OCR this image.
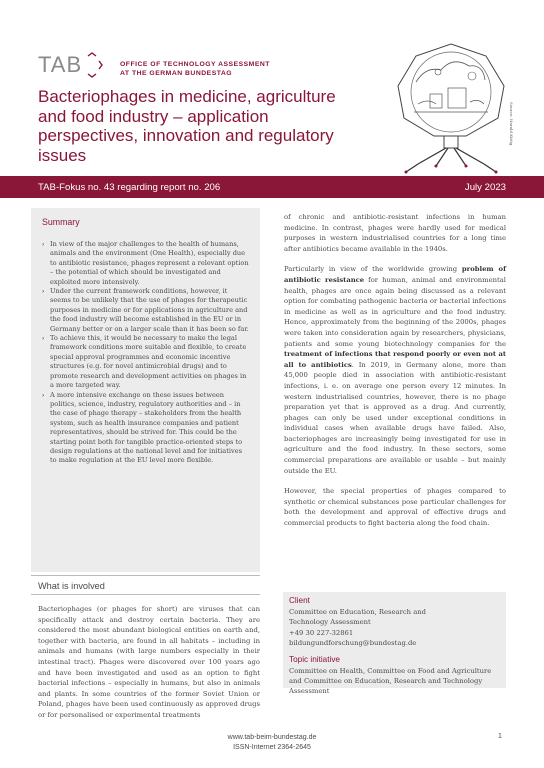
TAB	OFFICE OF TECHNOLOGY ASSESSMENT
AT THE GERMAN BUNDESTAG
Bacteriophages in medicine, agriculture and food industry – application perspectives, innovation and regulatory issues
Source: Harald Kittig
TAB-Fokus no. 43 regarding report no. 206	July 2023
Summary
› In view of the major challenges to the health of humans, animals and the environment (One Health), especially due to antibiotic resistance, phages represent a relevant option – the potential of which should be investigated and exploited more intensively.
› Under the current framework conditions, however, it seems to be unlikely that the use of phages for therapeutic purposes in medicine or for applications in agriculture and the food industry will become established in the EU or in Germany better or on a larger scale than it has been so far.
› To achieve this, it would be necessary to make the legal framework conditions more suitable and flexible, to create special approval programmes and economic incentive structures (e.g. for novel antimicrobial drugs) and to promote research and development activities on phages in a more targeted way.
› A more intensive exchange on these issues between politics, science, industry, regulatory authorities and – in the case of phage therapy – stakeholders from the health system, such as health insurance companies and patient representatives, should be strived for. This could be the starting point both for tangible practice-oriented steps to design regulations at the national level and for initiatives to make regulation at the EU level more flexible.
What is involved
Bacteriophages (or phages for short) are viruses that can specifically attack and destroy certain bacteria. They are considered the most abundant biological entities on earth and, together with bacteria, are found in all habitats – including in animals and humans (with large numbers especially in their intestinal tract). Phages were discovered over 100 years ago and have been investigated and used as an option to fight bacterial infections – especially in humans, but also in animals and plants. In some countries of the former Soviet Union or Poland, phages have been used continuously as approved drugs or for personalised or experimental treatments

of chronic and antibiotic-resistant infections in human medicine. In contrast, phages were hardly used for medical purposes in western industrialised countries for a long time after antibiotics became available in the 1940s.

Particularly in view of the worldwide growing problem of antibiotic resistance for human, animal and environmental health, phages are once again being discussed as a relevant option for combating pathogenic bacteria or bacterial infections in medicine as well as in agriculture and the food industry. Hence, approximately from the beginning of the 2000s, phages were taken into consideration again by researchers, physicians, patients and some young biotechnology companies for the treatment of infections that respond poorly or even not at all to antibiotics. In 2019, in Germany alone, more than 45,000 people died in association with antibiotic-resistant infections, i. e. on average one person every 12 minutes. In western industrialised countries, however, there is no phage preparation yet that is approved as a drug. And currently, phages can only be used under exceptional conditions in individual cases when available drugs have failed. Also, bacteriophages are increasingly being investigated for use in agriculture and the food industry. In these sectors, some commercial preparations are available or usable – but mainly outside the EU.

However, the special properties of phages compared to synthetic or chemical substances pose particular challenges for both the development and approval of effective drugs and commercial products to fight bacteria along the food chain.

Client
Committee on Education, Research and
Technology Assessment
+49 30 227-32861
bildungundforschung@bundestag.de
Topic initiative
Committee on Health, Committee on Food and Agriculture and Committee on Education, Research and Technology Assessment
www.tab-beim-bundestag.de
ISSN-Internet 2364-2645
1
